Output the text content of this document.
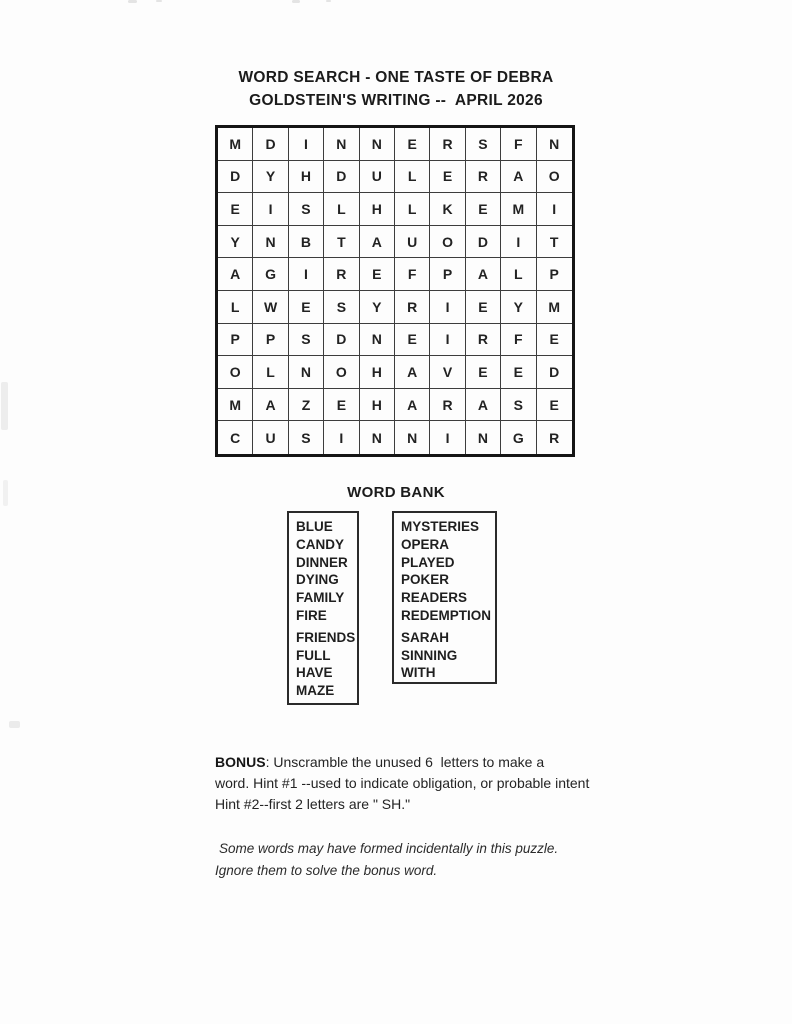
WORD SEARCH - ONE TASTE OF DEBRA
GOLDSTEIN'S WRITING --  APRIL 2026
M	D	I	N	N	E	R	S	F	N
D	Y	H	D	U	L	E	R	A	O
E	I	S	L	H	L	K	E	M	I
Y	N	B	T	A	U	O	D	I	T
A	G	I	R	E	F	P	A	L	P
L	W	E	S	Y	R	I	E	Y	M
P	P	S	D	N	E	I	R	F	E
O	L	N	O	H	A	V	E	E	D
M	A	Z	E	H	A	R	A	S	E
C	U	S	I	N	N	I	N	G	R
WORD BANK
BLUE
CANDY
DINNER
DYING
FAMILY
FIRE
FRIENDS
FULL
HAVE
MAZE
MYSTERIES
OPERA
PLAYED
POKER
READERS
REDEMPTION
SARAH
SINNING
WITH
BONUS: Unscramble the unused 6  letters to make a
word. Hint #1 --used to indicate obligation, or probable intent
Hint #2--first 2 letters are " SH."
Some words may have formed incidentally in this puzzle.
Ignore them to solve the bonus word.
